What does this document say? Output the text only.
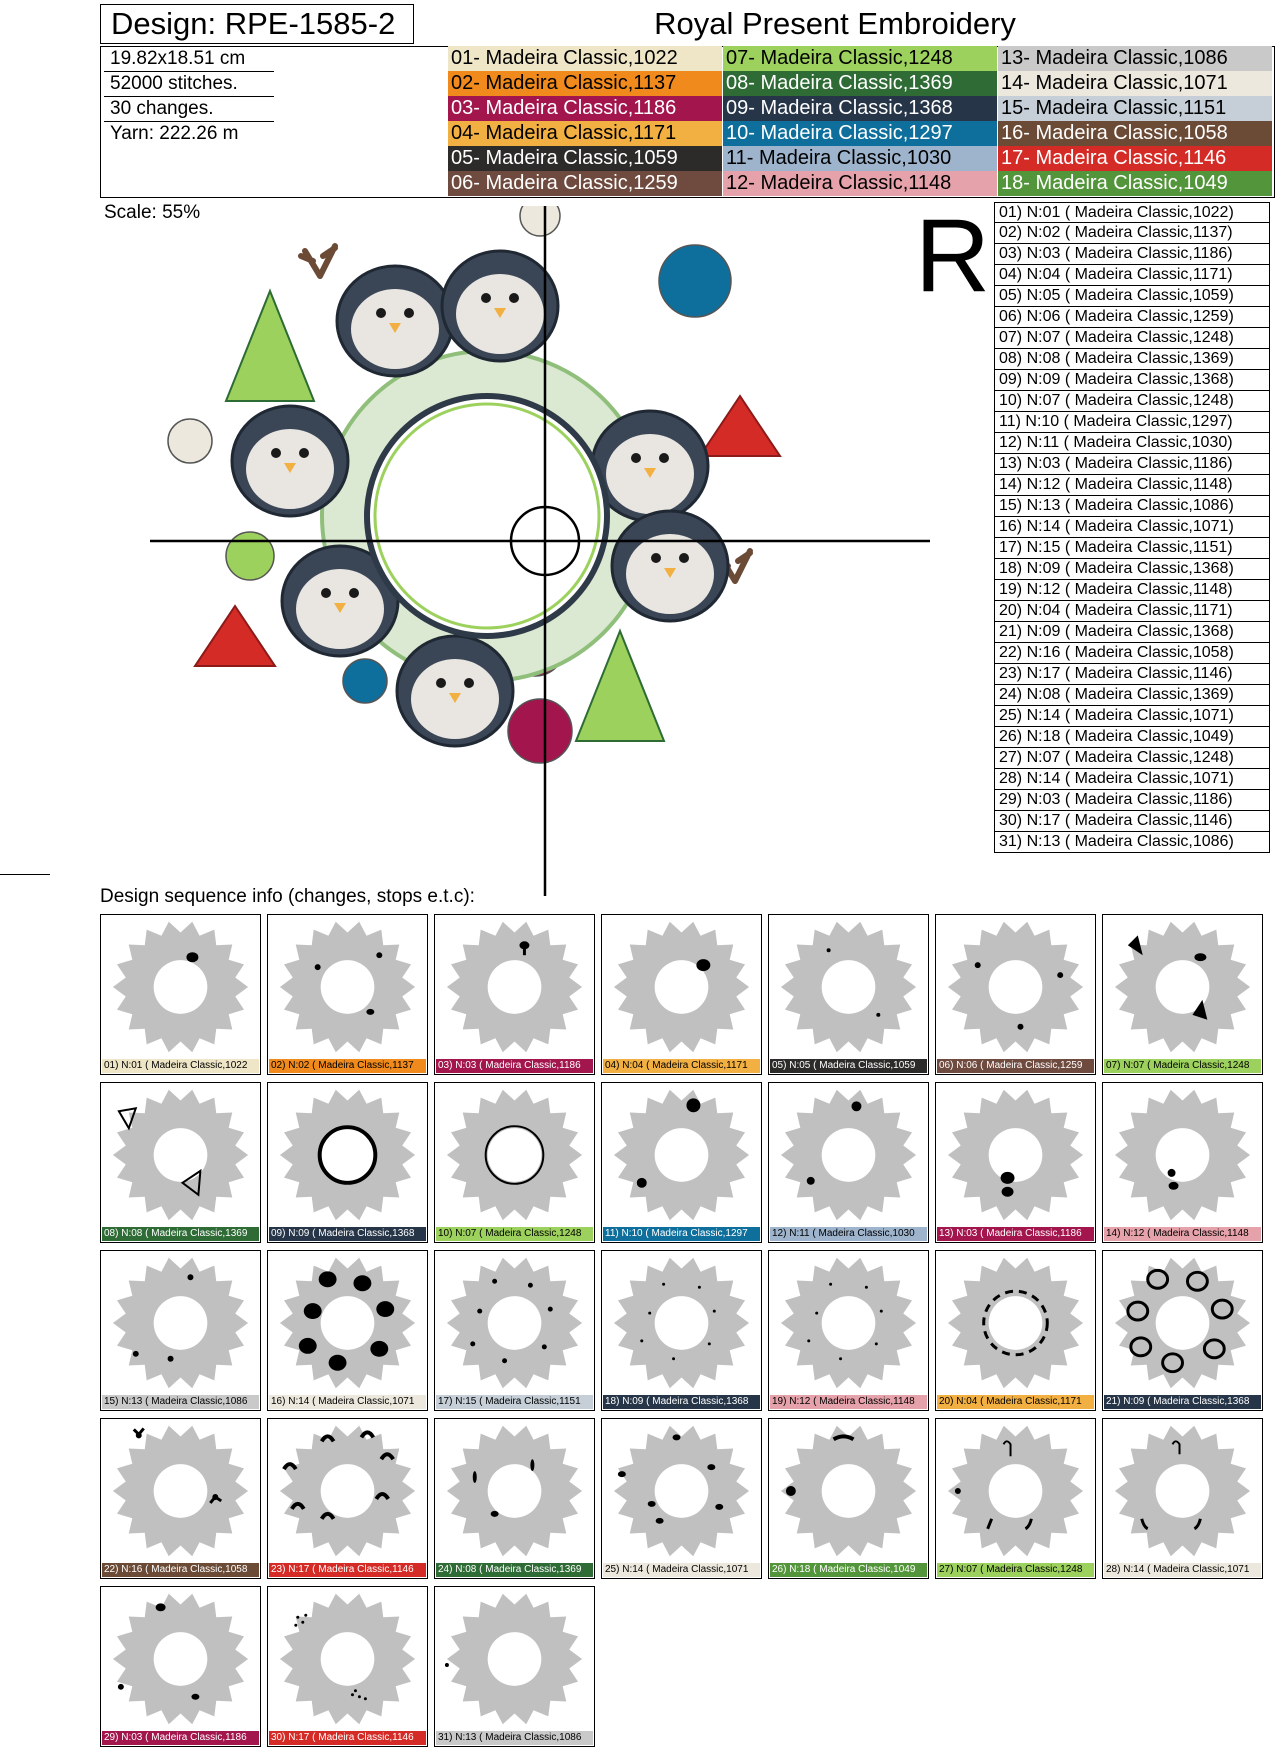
Design: RPE-1585-2	Royal Present Embroidery
19.82x18.51 cm
52000 stitches.
30 changes.
Yarn: 222.26 m
01- Madeira Classic,1022
02- Madeira Classic,1137
03- Madeira Classic,1186
04- Madeira Classic,1171
05- Madeira Classic,1059
06- Madeira Classic,1259
07- Madeira Classic,1248
08- Madeira Classic,1369
09- Madeira Classic,1368
10- Madeira Classic,1297
11- Madeira Classic,1030
12- Madeira Classic,1148
13- Madeira Classic,1086
14- Madeira Classic,1071
15- Madeira Classic,1151
16- Madeira Classic,1058
17- Madeira Classic,1146
18- Madeira Classic,1049
Scale: 55%	R 01) N:01 ( Madeira Classic,1022)
02) N:02 ( Madeira Classic,1137)
03) N:03 ( Madeira Classic,1186)
04) N:04 ( Madeira Classic,1171)
05) N:05 ( Madeira Classic,1059)
06) N:06 ( Madeira Classic,1259)
07) N:07 ( Madeira Classic,1248)
08) N:08 ( Madeira Classic,1369)
09) N:09 ( Madeira Classic,1368)
10) N:07 ( Madeira Classic,1248)
11) N:10 ( Madeira Classic,1297)
12) N:11 ( Madeira Classic,1030)
13) N:03 ( Madeira Classic,1186)
14) N:12 ( Madeira Classic,1148)
15) N:13 ( Madeira Classic,1086)
16) N:14 ( Madeira Classic,1071)
17) N:15 ( Madeira Classic,1151)
18) N:09 ( Madeira Classic,1368)
19) N:12 ( Madeira Classic,1148)
20) N:04 ( Madeira Classic,1171)
21) N:09 ( Madeira Classic,1368)
22) N:16 ( Madeira Classic,1058)
23) N:17 ( Madeira Classic,1146)
24) N:08 ( Madeira Classic,1369)
25) N:14 ( Madeira Classic,1071)
26) N:18 ( Madeira Classic,1049)
27) N:07 ( Madeira Classic,1248)
28) N:14 ( Madeira Classic,1071)
29) N:03 ( Madeira Classic,1186)
30) N:17 ( Madeira Classic,1146)
31) N:13 ( Madeira Classic,1086)
Design sequence info (changes, stops e.t.c):
01) N:01 ( Madeira Classic,1022	02) N:02 ( Madeira Classic,1137	03) N:03 ( Madeira Classic,1186	04) N:04 ( Madeira Classic,1171	05) N:05 ( Madeira Classic,1059	06) N:06 ( Madeira Classic,1259	07) N:07 ( Madeira Classic,1248
08) N:08 ( Madeira Classic,1369	09) N:09 ( Madeira Classic,1368	10) N:07 ( Madeira Classic,1248	11) N:10 ( Madeira Classic,1297	12) N:11 ( Madeira Classic,1030	13) N:03 ( Madeira Classic,1186	14) N:12 ( Madeira Classic,1148
15) N:13 ( Madeira Classic,1086	16) N:14 ( Madeira Classic,1071	17) N:15 ( Madeira Classic,1151	18) N:09 ( Madeira Classic,1368	19) N:12 ( Madeira Classic,1148	20) N:04 ( Madeira Classic,1171	21) N:09 ( Madeira Classic,1368
22) N:16 ( Madeira Classic,1058	23) N:17 ( Madeira Classic,1146	24) N:08 ( Madeira Classic,1369	25) N:14 ( Madeira Classic,1071	26) N:18 ( Madeira Classic,1049	27) N:07 ( Madeira Classic,1248	28) N:14 ( Madeira Classic,1071
29) N:03 ( Madeira Classic,1186	30) N:17 ( Madeira Classic,1146	31) N:13 ( Madeira Classic,1086
